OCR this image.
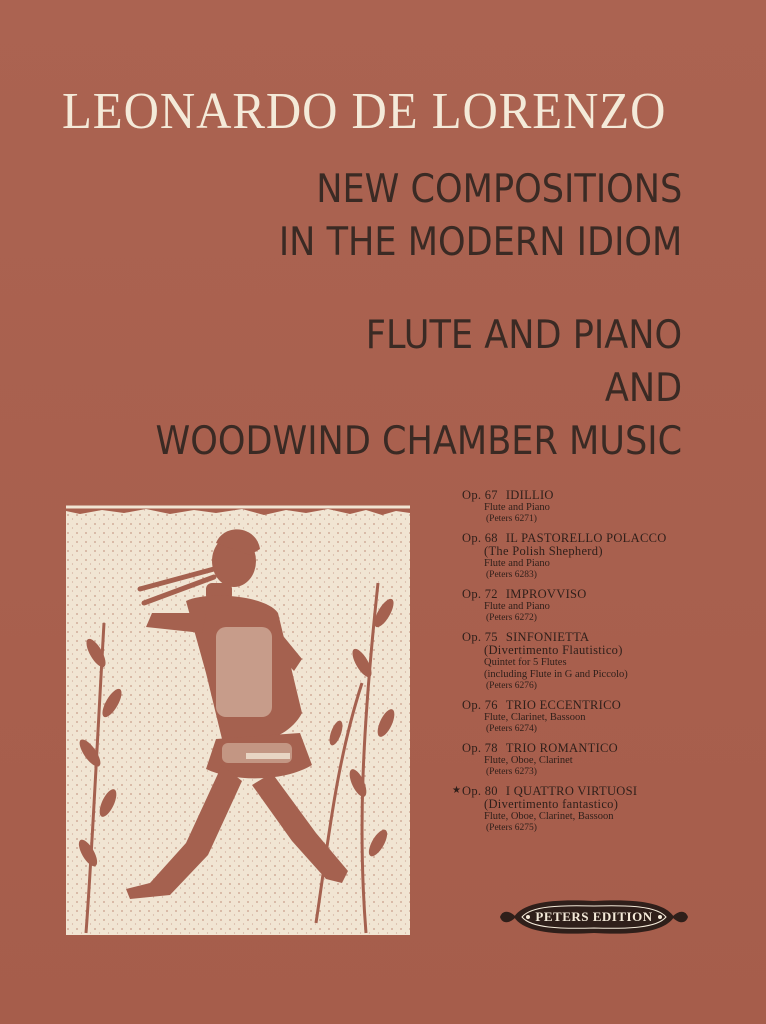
LEONARDO DE LORENZO
NEW COMPOSITIONS
IN THE MODERN IDIOM
FLUTE AND PIANO
AND
WOODWIND CHAMBER MUSIC
Op. 67 IDILLIO
Flute and Piano
(Peters 6271)
Op. 68 IL PASTORELLO POLACCO
(The Polish Shepherd)
Flute and Piano
(Peters 6283)
Op. 72 IMPROVVISO
Flute and Piano
(Peters 6272)
Op. 75 SINFONIETTA
(Divertimento Flautistico)
Quintet for 5 Flutes
(including Flute in G and Piccolo)
(Peters 6276)
Op. 76 TRIO ECCENTRICO
Flute, Clarinet, Bassoon
(Peters 6274)
Op. 78 TRIO ROMANTICO
Flute, Oboe, Clarinet
(Peters 6273)
★ Op. 80 I QUATTRO VIRTUOSI
(Divertimento fantastico)
Flute, Oboe, Clarinet, Bassoon
(Peters 6275)
PETERS EDITION
